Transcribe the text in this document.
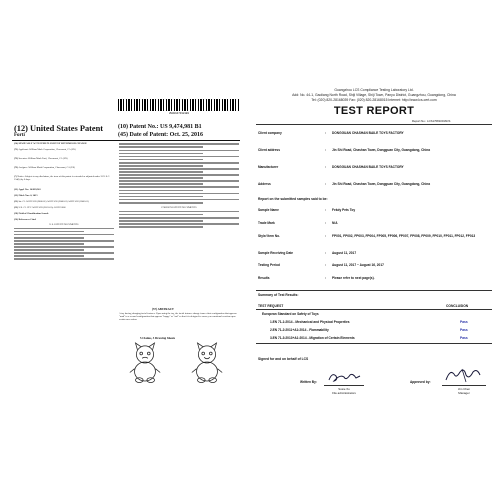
US009474981B1
(12) United States Patent
Forti
(10) Patent No.: US 9,474,981 B1
(45) Date of Patent: Oct. 25, 2016
(54) MANUALLY ACTUATED PLUSH TOY WITH MOOD CHANGE
(71) Applicant: William Mark Corporation, Claremont, CA (US)
(72) Inventor: William Mark Forti, Claremont, CA (US)
(73) Assignee: William Mark Corporation, Claremont, CA (US)
(*) Notice: Subject to any disclaimer, the term of this patent is extended or adjusted under 35 U.S.C. 154(b) by 0 days.
(21) Appl. No.: 14/839,503
(22) Filed: Nov. 6, 2015
(51) Int. Cl. A63H 3/28 (2006.01) A63H 3/36 (2006.01) A63H 3/02 (2006.01)
(52) U.S. Cl. CPC A63H 3/28 (2013.01); A63H 3/006
(58) Field of Classification Search
(56) References Cited
U.S. PATENT DOCUMENTS
FOREIGN PATENT DOCUMENTS
(57) ABSTRACT
A toy having changing facial features. Upon using the toy, the facial features change from a first configuration that appears "mad" to a second configuration that appears "happy" or "sad" so that it is designed to convey an emotional reaction upon certain user action.
5 Claims, 3 Drawing Sheets
Guangzhou LCS Compliance Testing Laboratory Ltd.
Add: No. 44-1, Gaoliang North Road, Shiji Village, Shiji Town, Panyu District, Guangzhou, Guangdong, China
Tel: (020) 820-28168039 Fax: (020) 820-28168015 Internet: http://www.lcs-cert.com
TEST REPORT
Report No.: LCS170810016CS
Client company	: DONGGUAN CHASHAN BAILE TOYS FACTORY
Client address	: Jin Shi Road, Chashan Town, Dongguan City, Guangdong, China
Manufacturer	: DONGGUAN CHASHAN BAILE TOYS FACTORY
Address	: Jin Shi Road, Chashan Town, Dongguan City, Guangdong, China
Report on the submitted samples said to be:
Sample Name	: Fekdy Pets Toy
Trade Mark	: N/A
Style/ Item No.	: FP001, FP002, FP003, FP004, FP005, FP006, FP007, FP008, FP009, FP010, FP011, FP012, FP013
Sample Receiving Date	: August 11, 2017
Testing Period	: August 11, 2017 ~ August 16, 2017
Results	: Please refer to next page(s).
Summary of Test Results:
TEST REQUEST	CONCLUSION
European Standard on Safety of Toys
1.EN 71-1:2014 - Mechanical and Physical Properties	Pass
2.EN 71-2:2011+A1:2014 - Flammability	Pass
3.EN 71-3:2013+A1:2014 - Migration of Certain Elements	Pass
Signed for and on behalf of LCS
Written By:
Susie Xu
File administrators
Approved by:
Jim Chen
Manager
